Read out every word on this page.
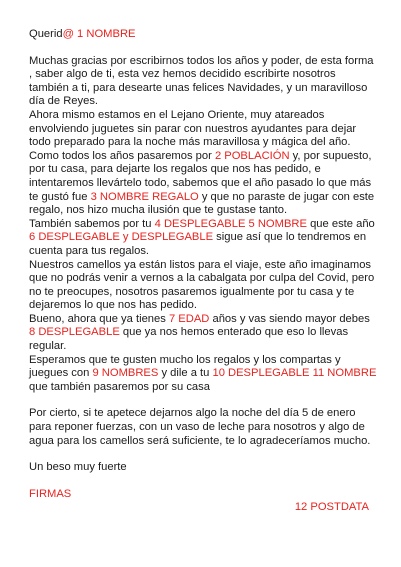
Querid@ 1 NOMBRE

Muchas gracias por escribirnos todos los años y poder, de esta forma , saber algo de ti, esta vez hemos decidido escribirte nosotros también a ti, para desearte unas felices Navidades, y un maravilloso día de Reyes.

Ahora mismo estamos en el Lejano Oriente, muy atareados envolviendo juguetes sin parar con nuestros ayudantes para dejar todo preparado para la noche más maravillosa y mágica del año.

Como todos los años pasaremos por 2 POBLACIÓN y, por supuesto, por tu casa, para dejarte los regalos que nos has pedido, e intentaremos llevártelo todo, sabemos que el año pasado lo que más te gustó fue 3 NOMBRE REGALO y que no paraste de jugar con este regalo, nos hizo mucha ilusión que te gustase tanto.

También sabemos por tu 4 DESPLEGABLE 5 NOMBRE que este año 6 DESPLEGABLE y DESPLEGABLE sigue así que lo tendremos en cuenta para tus regalos.

Nuestros camellos ya están listos para el viaje, este año imaginamos que no podrás venir a vernos a la cabalgata por culpa del Covid, pero no te preocupes, nosotros pasaremos igualmente por tu casa y te dejaremos lo que nos has pedido.

Bueno, ahora que ya tienes 7 EDAD años y vas siendo mayor debes 8 DESPLEGABLE que ya nos hemos enterado que eso lo llevas regular.

Esperamos que te gusten mucho los regalos y los compartas y juegues con 9 NOMBRES y dile a tu 10 DESPLEGABLE 11 NOMBRE que también pasaremos por su casa

Por cierto, si te apetece dejarnos algo la noche del día 5 de enero para reponer fuerzas, con un vaso de leche para nosotros y algo de agua para los camellos será suficiente, te lo agradeceríamos mucho.

Un beso muy fuerte

FIRMAS

12 POSTDATA
